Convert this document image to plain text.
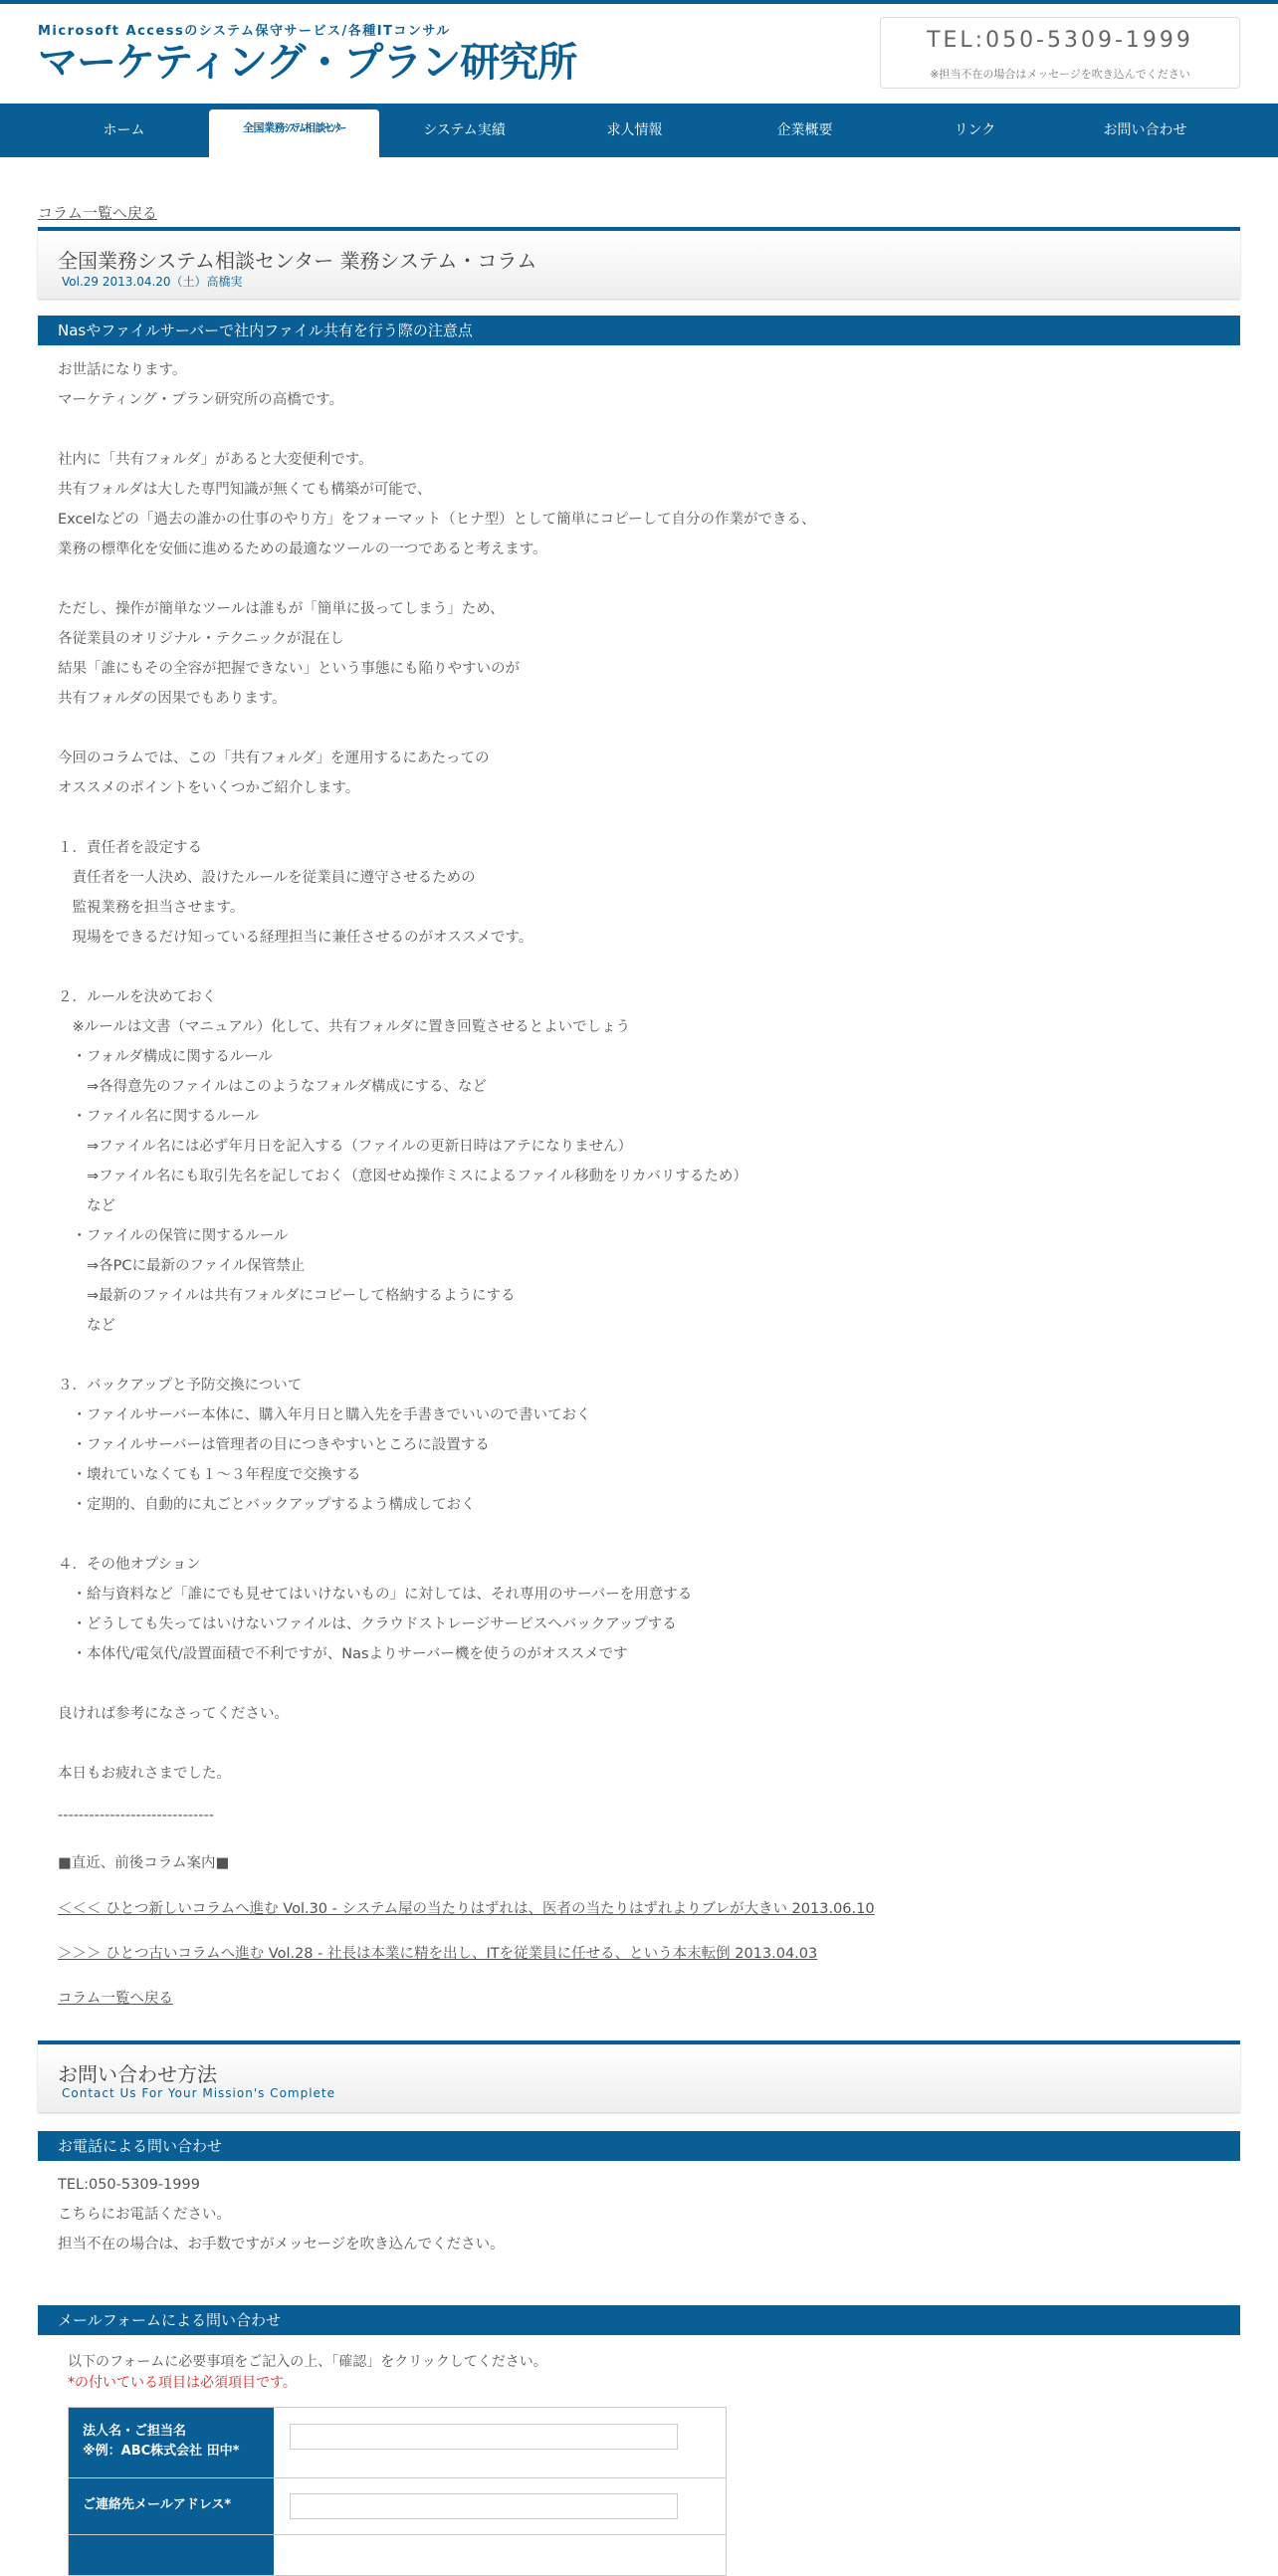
Microsoft Accessのシステム保守サービス/各種ITコンサル
マーケティング・プラン研究所	TEL:050-5309-1999
※担当不在の場合はメッセージを吹き込んでください
ホーム	全国業務ｼｽﾃﾑ相談ｾﾝﾀｰ	システム実績	求人情報	企業概要	リンク	お問い合わせ
コラム一覧へ戻る
全国業務システム相談センター 業務システム・コラム
Vol.29 2013.04.20（土）高橋実
Nasやファイルサーバーで社内ファイル共有を行う際の注意点
お世話になります。
マーケティング・プラン研究所の高橋です。
社内に「共有フォルダ」があると大変便利です。
共有フォルダは大した専門知識が無くても構築が可能で、
Excelなどの「過去の誰かの仕事のやり方」をフォーマット（ヒナ型）として簡単にコピーして自分の作業ができる、
業務の標準化を安価に進めるための最適なツールの一つであると考えます。
ただし、操作が簡単なツールは誰もが「簡単に扱ってしまう」ため、
各従業員のオリジナル・テクニックが混在し
結果「誰にもその全容が把握できない」という事態にも陥りやすいのが
共有フォルダの因果でもあります。
今回のコラムでは、この「共有フォルダ」を運用するにあたっての
オススメのポイントをいくつかご紹介します。
１．責任者を設定する
　責任者を一人決め、設けたルールを従業員に遵守させるための
　監視業務を担当させます。
　現場をできるだけ知っている経理担当に兼任させるのがオススメです。
２．ルールを決めておく
　※ルールは文書（マニュアル）化して、共有フォルダに置き回覧させるとよいでしょう
　・フォルダ構成に関するルール
　　⇒各得意先のファイルはこのようなフォルダ構成にする、など
　・ファイル名に関するルール
　　⇒ファイル名には必ず年月日を記入する（ファイルの更新日時はアテになりません）
　　⇒ファイル名にも取引先名を記しておく（意図せぬ操作ミスによるファイル移動をリカバリするため）
　　など
　・ファイルの保管に関するルール
　　⇒各PCに最新のファイル保管禁止
　　⇒最新のファイルは共有フォルダにコピーして格納するようにする
　　など
３．バックアップと予防交換について
　・ファイルサーバー本体に、購入年月日と購入先を手書きでいいので書いておく
　・ファイルサーバーは管理者の目につきやすいところに設置する
　・壊れていなくても１～３年程度で交換する
　・定期的、自動的に丸ごとバックアップするよう構成しておく
４．その他オプション
　・給与資料など「誰にでも見せてはいけないもの」に対しては、それ専用のサーバーを用意する
　・どうしても失ってはいけないファイルは、クラウドストレージサービスへバックアップする
　・本体代/電気代/設置面積で不利ですが、Nasよりサーバー機を使うのがオススメです
良ければ参考になさってください。
本日もお疲れさまでした。
------------------------------
■直近、前後コラム案内■
＜＜＜ ひとつ新しいコラムへ進む Vol.30 - システム屋の当たりはずれは、医者の当たりはずれよりブレが大きい 2013.06.10
＞＞＞ ひとつ古いコラムへ進む Vol.28 - 社長は本業に精を出し、ITを従業員に任せる、という本末転倒 2013.04.03
コラム一覧へ戻る
お問い合わせ方法
Contact Us For Your Mission's Complete
お電話による問い合わせ
TEL:050-5309-1999
こちらにお電話ください。
担当不在の場合は、お手数ですがメッセージを吹き込んでください。
メールフォームによる問い合わせ
以下のフォームに必要事項をご記入の上、「確認」をクリックしてください。
*の付いている項目は必須項目です。
法人名・ご担当名
※例：ABC株式会社 田中*
ご連絡先メールアドレス*
